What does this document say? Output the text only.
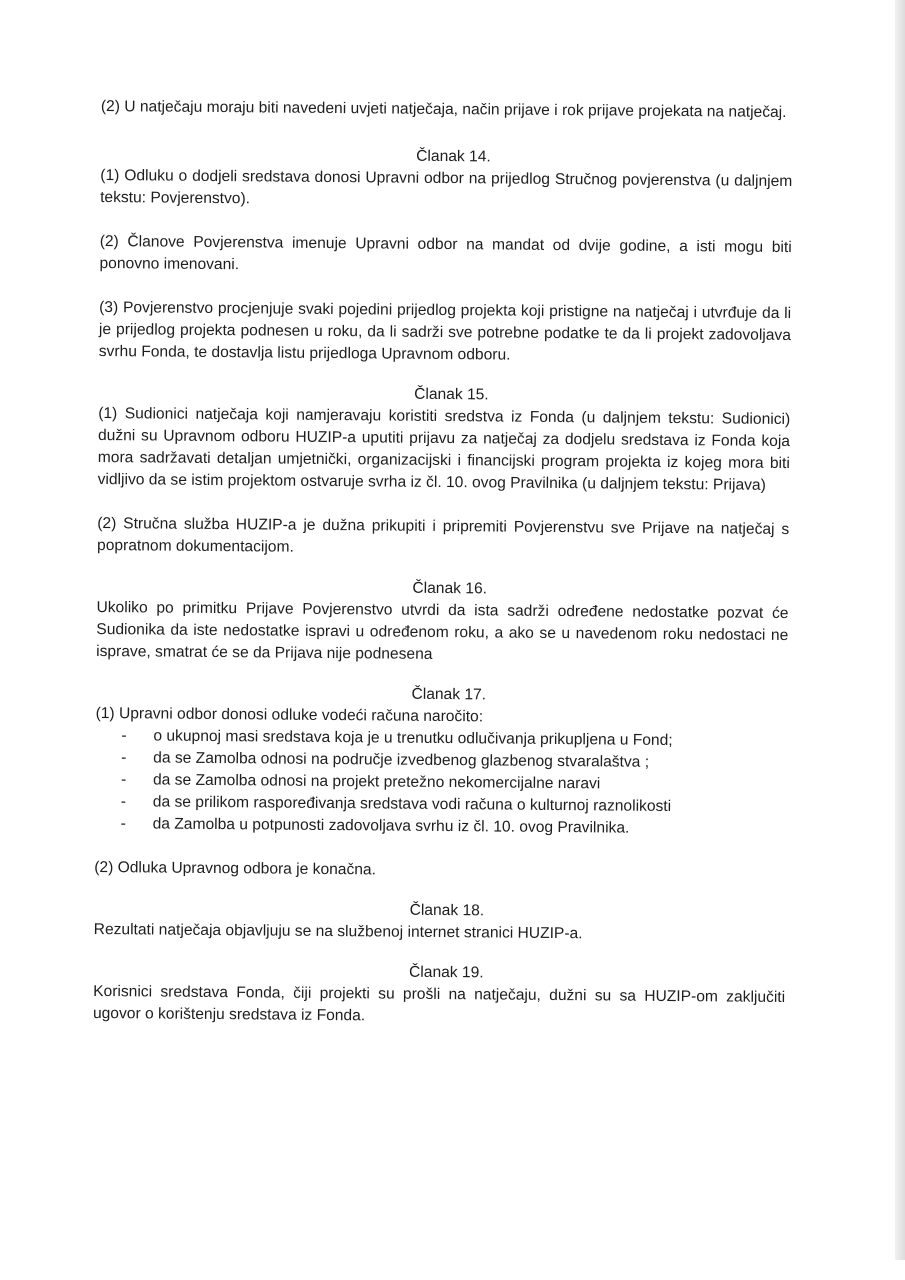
(2) U natječaju moraju biti navedeni uvjeti natječaja, način prijave i rok prijave projekata na natječaj.

Članak 14.

(1) Odluku o dodjeli sredstava donosi Upravni odbor na prijedlog Stručnog povjerenstva (u daljnjem tekstu: Povjerenstvo).

(2) Članove Povjerenstva imenuje Upravni odbor na mandat od dvije godine, a isti mogu biti ponovno imenovani.

(3) Povjerenstvo procjenjuje svaki pojedini prijedlog projekta koji pristigne na natječaj i utvrđuje da li je prijedlog projekta podnesen u roku, da li sadrži sve potrebne podatke te da li projekt zadovoljava svrhu Fonda, te dostavlja listu prijedloga Upravnom odboru.

Članak 15.

(1) Sudionici natječaja koji namjeravaju koristiti sredstva iz Fonda (u daljnjem tekstu: Sudionici) dužni su Upravnom odboru HUZIP-a uputiti prijavu za natječaj za dodjelu sredstava iz Fonda koja mora sadržavati detaljan umjetnički, organizacijski i financijski program projekta iz kojeg mora biti vidljivo da se istim projektom ostvaruje svrha iz čl. 10. ovog Pravilnika (u daljnjem tekstu: Prijava)

(2) Stručna služba HUZIP-a je dužna prikupiti i pripremiti Povjerenstvu sve Prijave na natječaj s popratnom dokumentacijom.

Članak 16.

Ukoliko po primitku Prijave Povjerenstvo utvrdi da ista sadrži određene nedostatke pozvat će Sudionika da iste nedostatke ispravi u određenom roku, a ako se u navedenom roku nedostaci ne isprave, smatrat će se da Prijava nije podnesena

Članak 17.

(1) Upravni odbor donosi odluke vodeći računa naročito:

- o ukupnoj masi sredstava koja je u trenutku odlučivanja prikupljena u Fond;
- da se Zamolba odnosi na područje izvedbenog glazbenog stvaralaštva ;
- da se Zamolba odnosi na projekt pretežno nekomercijalne naravi
- da se prilikom raspoređivanja sredstava vodi računa o kulturnoj raznolikosti
- da Zamolba u potpunosti zadovoljava svrhu iz čl. 10. ovog Pravilnika.

(2) Odluka Upravnog odbora je konačna.

Članak 18.

Rezultati natječaja objavljuju se na službenoj internet stranici HUZIP-a.

Članak 19.

Korisnici sredstava Fonda, čiji projekti su prošli na natječaju, dužni su sa HUZIP-om zaključiti ugovor o korištenju sredstava iz Fonda.
